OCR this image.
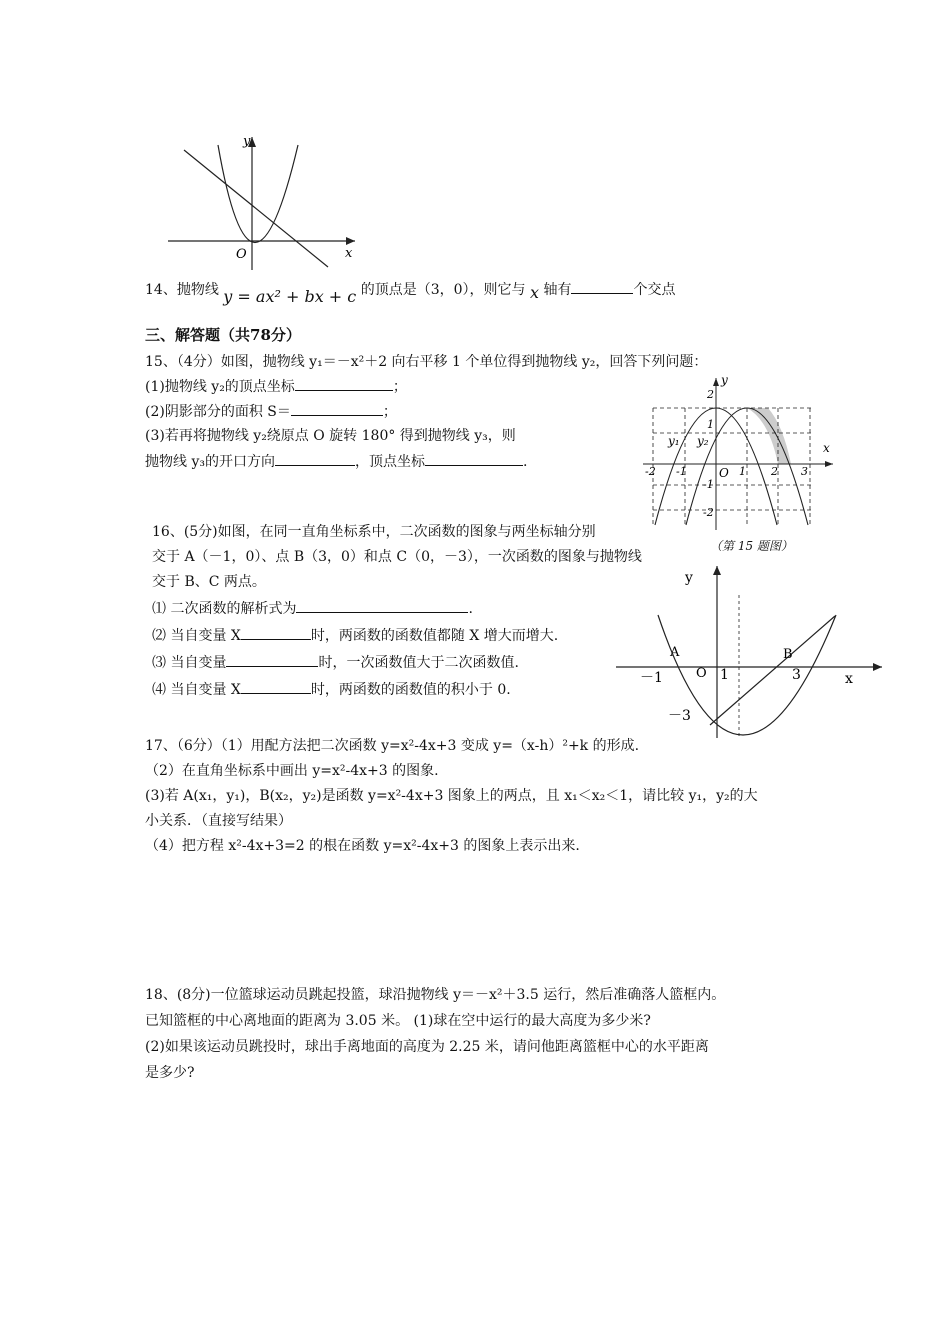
y
x
O
14、抛物线 y = ax² + bx + c 的顶点是（3，0），则它与 x 轴有	个交点
三、解答题（共78分）
15、（4分）如图，抛物线 y₁＝－x²＋2 向右平移 1 个单位得到抛物线 y₂，回答下列问题：
(1)抛物线 y₂的顶点坐标	；
(2)阴影部分的面积 S＝	；
(3)若再将抛物线 y₂绕原点 O 旋转 180° 得到抛物线 y₃，则
抛物线 y₃的开口方向	，顶点坐标	.
y
x
O
y₁ y₂
-2 -1	1 2 3
2
1
-1
-2
（第 15 题图）
16、(5分)如图，在同一直角坐标系中，二次函数的图象与两坐标轴分别
交于 A（－1，0）、点 B（3，0）和点 C（0，－3），一次函数的图象与抛物线
交于 B、C 两点。
⑴ 二次函数的解析式为	.
⑵ 当自变量 X	时，两函数的函数值都随 X 增大而增大.
⑶ 当自变量	时，一次函数值大于二次函数值.
⑷ 当自变量 X	时，两函数的函数值的积小于 0.
y
x
A	B
O
－1	1	3
－3
17、（6分）（1）用配方法把二次函数 y=x²-4x+3 变成 y=（x-h）²+k 的形成.
（2）在直角坐标系中画出 y=x²-4x+3 的图象.
(3)若 A(x₁，y₁)，B(x₂，y₂)是函数 y=x²-4x+3 图象上的两点，且 x₁＜x₂＜1，请比较 y₁，y₂的大
小关系．（直接写结果）
（4）把方程 x²-4x+3=2 的根在函数 y=x²-4x+3 的图象上表示出来.
18、(8分)一位篮球运动员跳起投篮，球沿抛物线 y＝－x²＋3.5 运行，然后准确落人篮框内。
已知篮框的中心离地面的距离为 3.05 米。 (1)球在空中运行的最大高度为多少米?
(2)如果该运动员跳投时，球出手离地面的高度为 2.25 米，请问他距离篮框中心的水平距离
是多少?
